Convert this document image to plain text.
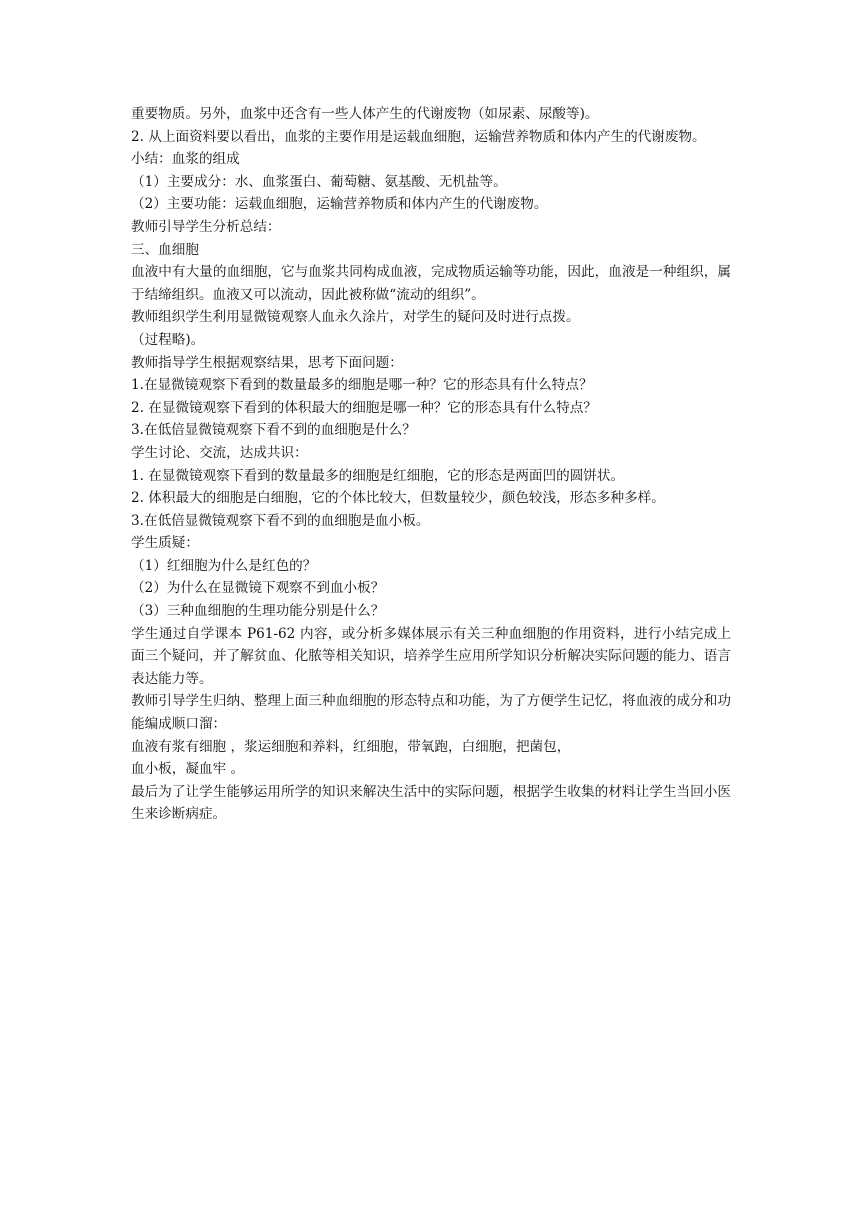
重要物质。另外，血浆中还含有一些人体产生的代谢废物（如尿素、尿酸等)。

2. 从上面资料要以看出，血浆的主要作用是运载血细胞，运输营养物质和体内产生的代谢废物。

小结：血浆的组成

（1）主要成分：水、血浆蛋白、葡萄糖、氨基酸、无机盐等。

（2）主要功能：运载血细胞，运输营养物质和体内产生的代谢废物。

教师引导学生分析总结：

三、血细胞

血液中有大量的血细胞，它与血浆共同构成血液，完成物质运输等功能，因此，血液是一种组织，属于结缔组织。血液又可以流动，因此被称做“流动的组织”。

教师组织学生利用显微镜观察人血永久涂片，对学生的疑问及时进行点拨。

（过程略)。

教师指导学生根据观察结果，思考下面问题：

1.在显微镜观察下看到的数量最多的细胞是哪一种？它的形态具有什么特点？

2. 在显微镜观察下看到的体积最大的细胞是哪一种？它的形态具有什么特点？

3.在低倍显微镜观察下看不到的血细胞是什么？

学生讨论、交流，达成共识：

1. 在显微镜观察下看到的数量最多的细胞是红细胞，它的形态是两面凹的圆饼状。

2. 体积最大的细胞是白细胞，它的个体比较大，但数量较少，颜色较浅，形态多种多样。

3.在低倍显微镜观察下看不到的血细胞是血小板。

学生质疑：

（1）红细胞为什么是红色的？

（2）为什么在显微镜下观察不到血小板？

（3）三种血细胞的生理功能分别是什么？

学生通过自学课本 P61-62 内容，或分析多媒体展示有关三种血细胞的作用资料，进行小结完成上面三个疑问，并了解贫血、化脓等相关知识，培养学生应用所学知识分析解决实际问题的能力、语言表达能力等。

教师引导学生归纳、整理上面三种血细胞的形态特点和功能，为了方便学生记忆，将血液的成分和功能编成顺口溜：

血液有浆有细胞 ，浆运细胞和养料，红细胞，带氧跑，白细胞，把菌包，

血小板，凝血牢 。

最后为了让学生能够运用所学的知识来解决生活中的实际问题，根据学生收集的材料让学生当回小医生来诊断病症。
